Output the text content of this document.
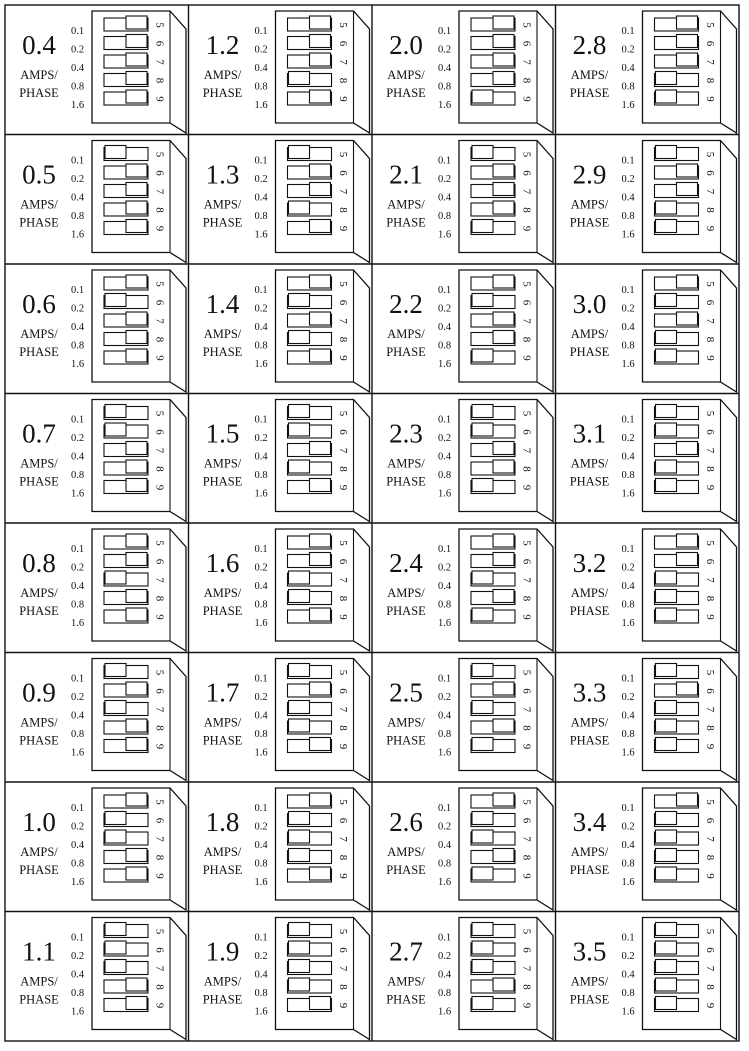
0.4
AMPS/
PHASE
0.1
0.2
0.4
0.8
1.6
5
6
7
8
9
1.2
AMPS/
PHASE
0.1
0.2
0.4
0.8
1.6
5
6
7
8
9
2.0
AMPS/
PHASE
0.1
0.2
0.4
0.8
1.6
5
6
7
8
9
2.8
AMPS/
PHASE
0.1
0.2
0.4
0.8
1.6
5
6
7
8
9
0.5
AMPS/
PHASE
0.1
0.2
0.4
0.8
1.6
5
6
7
8
9
1.3
AMPS/
PHASE
0.1
0.2
0.4
0.8
1.6
5
6
7
8
9
2.1
AMPS/
PHASE
0.1
0.2
0.4
0.8
1.6
5
6
7
8
9
2.9
AMPS/
PHASE
0.1
0.2
0.4
0.8
1.6
5
6
7
8
9
0.6
AMPS/
PHASE
0.1
0.2
0.4
0.8
1.6
5
6
7
8
9
1.4
AMPS/
PHASE
0.1
0.2
0.4
0.8
1.6
5
6
7
8
9
2.2
AMPS/
PHASE
0.1
0.2
0.4
0.8
1.6
5
6
7
8
9
3.0
AMPS/
PHASE
0.1
0.2
0.4
0.8
1.6
5
6
7
8
9
0.7
AMPS/
PHASE
0.1
0.2
0.4
0.8
1.6
5
6
7
8
9
1.5
AMPS/
PHASE
0.1
0.2
0.4
0.8
1.6
5
6
7
8
9
2.3
AMPS/
PHASE
0.1
0.2
0.4
0.8
1.6
5
6
7
8
9
3.1
AMPS/
PHASE
0.1
0.2
0.4
0.8
1.6
5
6
7
8
9
0.8
AMPS/
PHASE
0.1
0.2
0.4
0.8
1.6
5
6
7
8
9
1.6
AMPS/
PHASE
0.1
0.2
0.4
0.8
1.6
5
6
7
8
9
2.4
AMPS/
PHASE
0.1
0.2
0.4
0.8
1.6
5
6
7
8
9
3.2
AMPS/
PHASE
0.1
0.2
0.4
0.8
1.6
5
6
7
8
9
0.9
AMPS/
PHASE
0.1
0.2
0.4
0.8
1.6
5
6
7
8
9
1.7
AMPS/
PHASE
0.1
0.2
0.4
0.8
1.6
5
6
7
8
9
2.5
AMPS/
PHASE
0.1
0.2
0.4
0.8
1.6
5
6
7
8
9
3.3
AMPS/
PHASE
0.1
0.2
0.4
0.8
1.6
5
6
7
8
9
1.0
AMPS/
PHASE
0.1
0.2
0.4
0.8
1.6
5
6
7
8
9
1.8
AMPS/
PHASE
0.1
0.2
0.4
0.8
1.6
5
6
7
8
9
2.6
AMPS/
PHASE
0.1
0.2
0.4
0.8
1.6
5
6
7
8
9
3.4
AMPS/
PHASE
0.1
0.2
0.4
0.8
1.6
5
6
7
8
9
1.1
AMPS/
PHASE
0.1
0.2
0.4
0.8
1.6
5
6
7
8
9
1.9
AMPS/
PHASE
0.1
0.2
0.4
0.8
1.6
5
6
7
8
9
2.7
AMPS/
PHASE
0.1
0.2
0.4
0.8
1.6
5
6
7
8
9
3.5
AMPS/
PHASE
0.1
0.2
0.4
0.8
1.6
5
6
7
8
9
